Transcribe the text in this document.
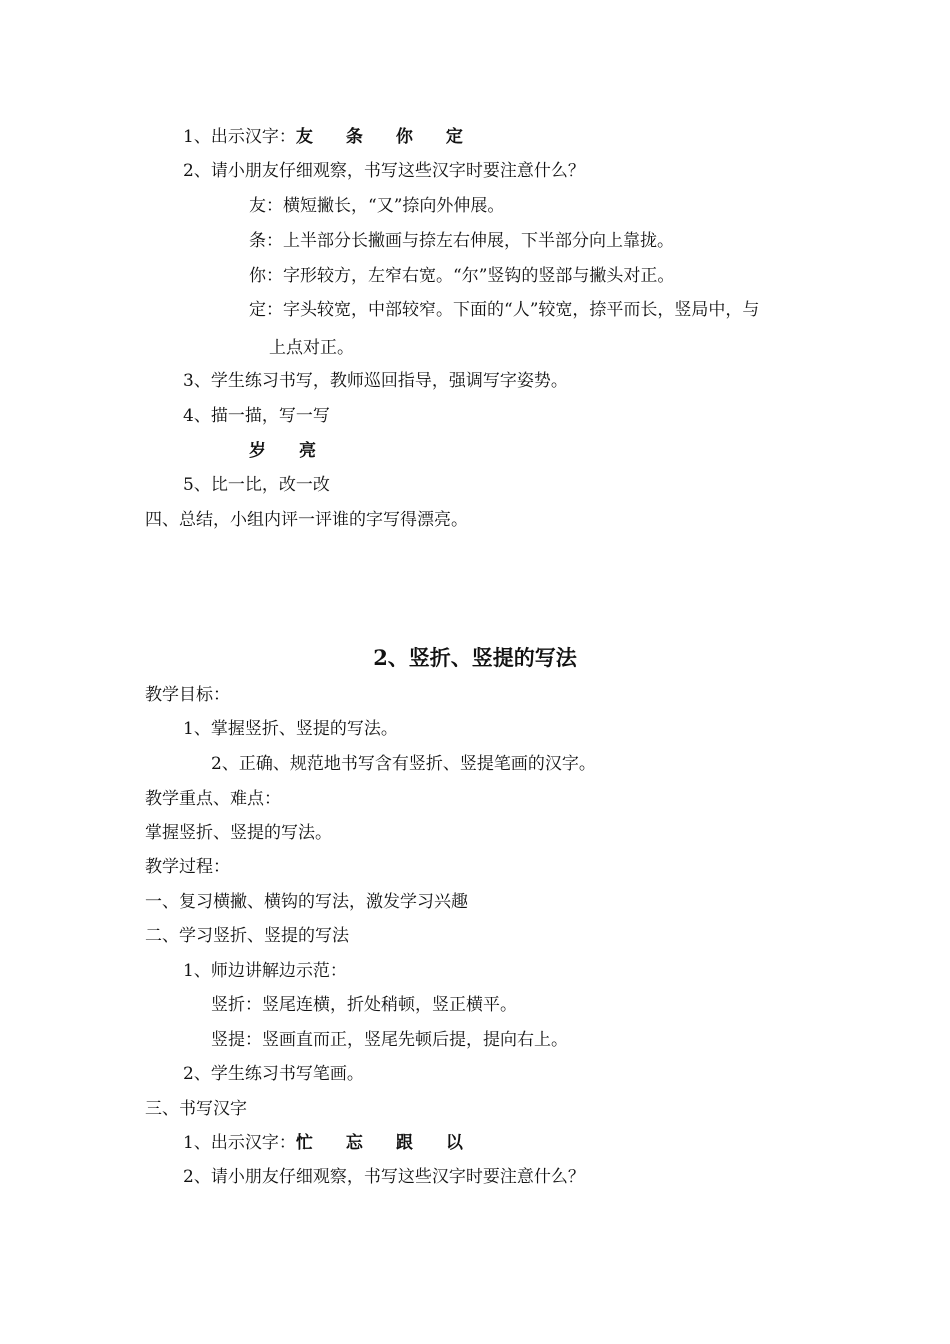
1、出示汉字：友 条 你 定
2、请小朋友仔细观察，书写这些汉字时要注意什么？
友：横短撇长，“又”捺向外伸展。
条：上半部分长撇画与捺左右伸展，下半部分向上靠拢。
你：字形较方，左窄右宽。“尔”竖钩的竖部与撇头对正。
定：字头较宽，中部较窄。下面的“人”较宽，捺平而长，竖局中，与
上点对正。
3、学生练习书写，教师巡回指导，强调写字姿势。
4、描一描，写一写
岁 亮
5、比一比，改一改
四、总结，小组内评一评谁的字写得漂亮。
2、竖折、竖提的写法
教学目标：
1、掌握竖折、竖提的写法。
2、正确、规范地书写含有竖折、竖提笔画的汉字。
教学重点、难点：
掌握竖折、竖提的写法。
教学过程：
一、复习横撇、横钩的写法，激发学习兴趣
二、学习竖折、竖提的写法
1、师边讲解边示范：
竖折：竖尾连横，折处稍顿，竖正横平。
竖提：竖画直而正，竖尾先顿后提，提向右上。
2、学生练习书写笔画。
三、书写汉字
1、出示汉字：忙 忘 跟 以
2、请小朋友仔细观察，书写这些汉字时要注意什么？
